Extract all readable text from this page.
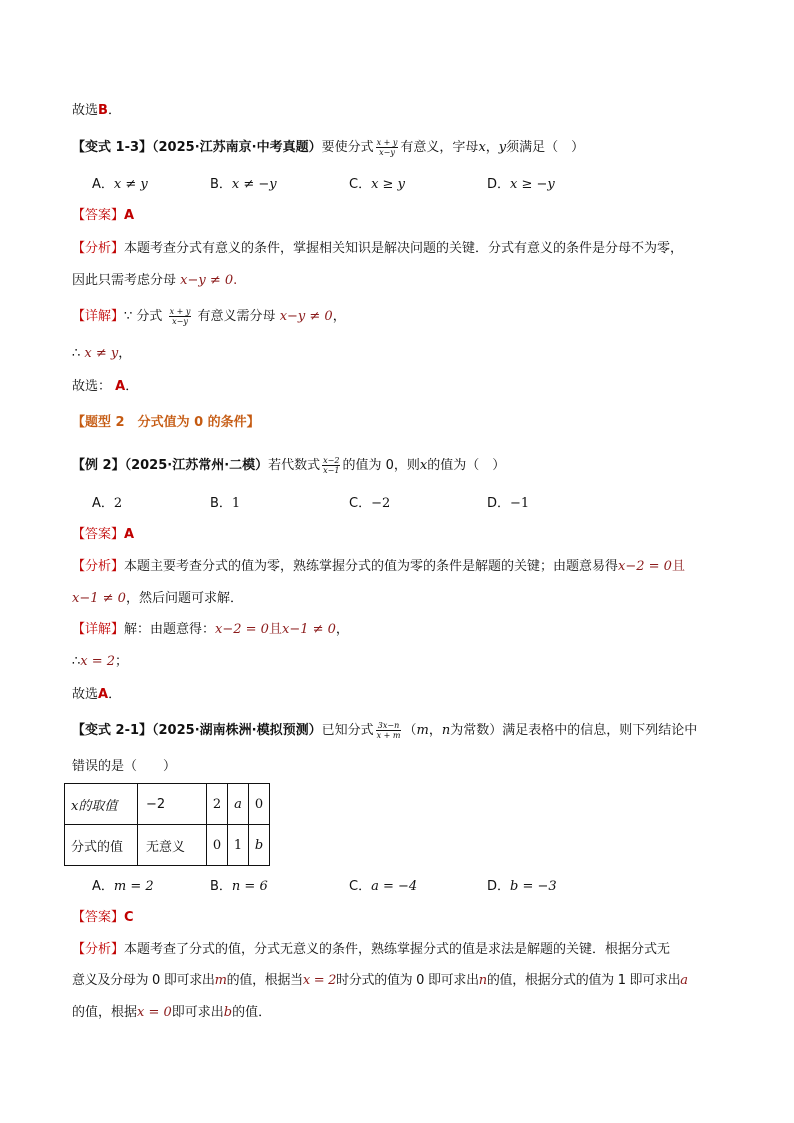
故选B．
【变式 1-3】（2025·江苏南京·中考真题）要使分式 $\frac{x + y}{x-y}$ 有意义，字母x，y须满足（　）
A．x ≠ y	B．x ≠ −y	C．x ≥ y	D．x ≥ −y
【答案】A
【分析】本题考查分式有意义的条件，掌握相关知识是解决问题的关键．分式有意义的条件是分母不为零，
因此只需考虑分母 x−y ≠ 0.
【详解】∵ 分式 $\frac{x + y}{x-y}$ 有意义需分母 x−y ≠ 0，
∴ x ≠ y，
故选： A．
【题型 2　分式值为 0 的条件】
【例 2】（2025·江苏常州·二模）若代数式 $\frac{x-2}{x-1}$ 的值为 0，则x的值为（　）
A．2	B．1	C．−2	D．−1
【答案】A
【分析】本题主要考查分式的值为零，熟练掌握分式的值为零的条件是解题的关键；由题意易得x−2 = 0且
x−1 ≠ 0，然后问题可求解．
【详解】解：由题意得：x−2 = 0且x−1 ≠ 0，
∴x = 2；
故选A．
【变式 2-1】（2025·湖南株洲·模拟预测）已知分式 $\frac{3x-n}{x + m} (m$，n为常数）满足表格中的信息，则下列结论中
错误的是（　　）
x的取值	−2	2	a	0
分式的值	无意义	0	1	b
A．m = 2	B．n = 6	C．a = −4	D．b = −3
【答案】C
【分析】本题考查了分式的值，分式无意义的条件，熟练掌握分式的值是求法是解题的关键．根据分式无
意义及分母为 0 即可求出m的值，根据当x = 2时分式的值为 0 即可求出n的值，根据分式的值为 1 即可求出a
的值，根据x = 0即可求出b的值．
